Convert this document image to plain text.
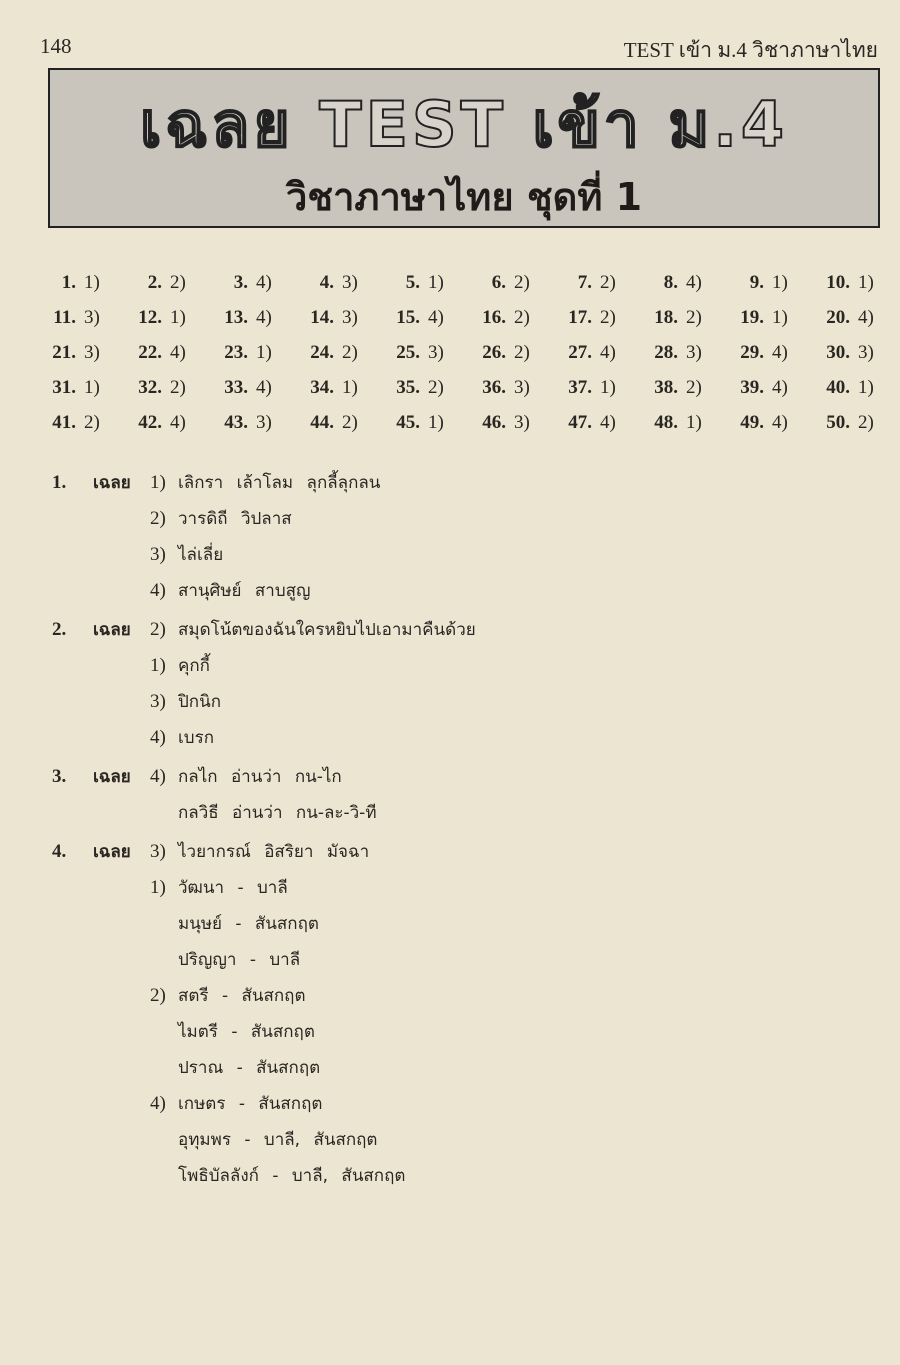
148	TEST เข้า ม.4 วิชาภาษาไทย
เฉลย TEST เข้า ม.4
วิชาภาษาไทย ชุดที่ 1
1. 1)	2. 2)	3. 4)	4. 3)	5. 1)	6. 2)	7. 2)	8. 4)	9. 1)	10. 1)
11. 3)	12. 1)	13. 4)	14. 3)	15. 4)	16. 2)	17. 2)	18. 2)	19. 1)	20. 4)
21. 3)	22. 4)	23. 1)	24. 2)	25. 3)	26. 2)	27. 4)	28. 3)	29. 4)	30. 3)
31. 1)	32. 2)	33. 4)	34. 1)	35. 2)	36. 3)	37. 1)	38. 2)	39. 4)	40. 1)
41. 2)	42. 4)	43. 3)	44. 2)	45. 1)	46. 3)	47. 4)	48. 1)	49. 4)	50. 2)
1. เฉลย 1) เลิกรา เล้าโลม ลุกลี้ลุกลน
2) วารดิถี วิปลาส
3) ไล่เลี่ย
4) สานุศิษย์ สาบสูญ
2. เฉลย 2) สมุดโน้ตของฉันใครหยิบไปเอามาคืนด้วย
1) คุกกี้
3) ปิกนิก
4) เบรก
3. เฉลย 4) กลไก อ่านว่า กน-ไก
กลวิธี อ่านว่า กน-ละ-วิ-ที
4. เฉลย 3) ไวยากรณ์ อิสริยา มัจฉา
1) วัฒนา - บาลี
มนุษย์ - สันสกฤต
ปริญญา - บาลี
2) สตรี - สันสกฤต
ไมตรี - สันสกฤต
ปราณ - สันสกฤต
4) เกษตร - สันสกฤต
อุทุมพร - บาลี, สันสกฤต
โพธิบัลลังก์ - บาลี, สันสกฤต
